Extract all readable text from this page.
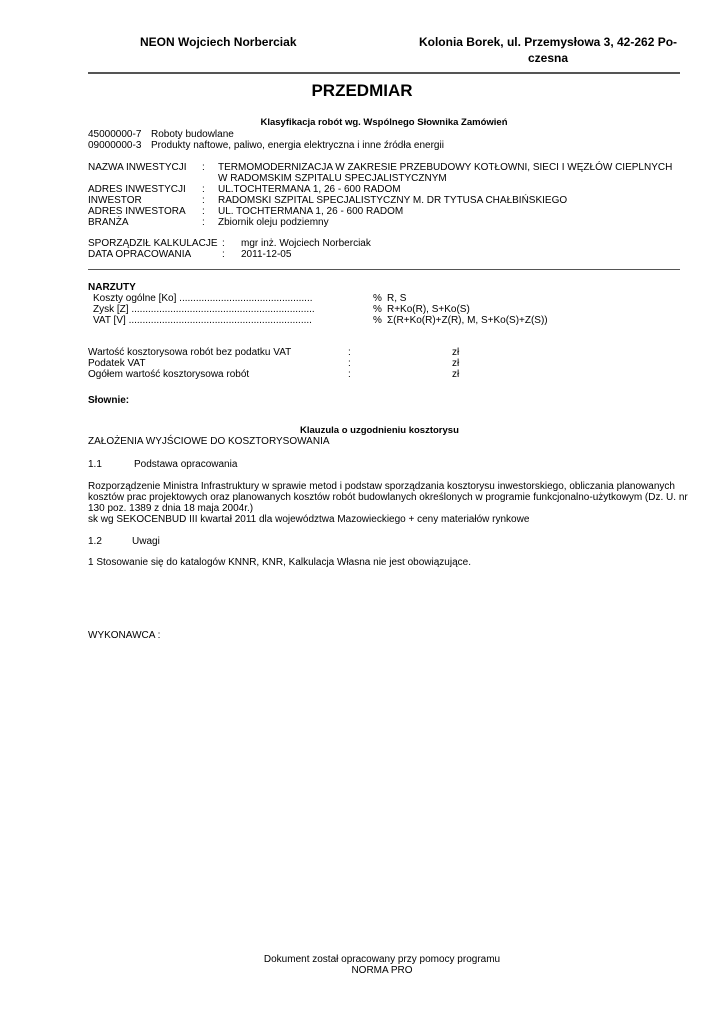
NEON Wojciech Norberciak	Kolonia Borek, ul. Przemysłowa 3, 42-262 Po-
czesna
PRZEDMIAR
Klasyfikacja robót wg. Wspólnego Słownika Zamówień
45000000-7 Roboty budowlane
09000000-3 Produkty naftowe, paliwo, energia elektryczna i inne źródła energii
NAZWA INWESTYCJI : TERMOMODERNIZACJA W ZAKRESIE PRZEBUDOWY KOTŁOWNI, SIECI I WĘZŁÓW CIEPLNYCH
W RADOMSKIM SZPITALU SPECJALISTYCZNYM
ADRES INWESTYCJI : UL.TOCHTERMANA 1, 26 - 600 RADOM
INWESTOR	: RADOMSKI SZPITAL SPECJALISTYCZNY M. DR TYTUSA CHAŁBIŃSKIEGO
ADRES INWESTORA : UL. TOCHTERMANA 1, 26 - 600 RADOM
BRANŻA	: Zbiornik oleju podziemny
SPORZĄDZIŁ KALKULACJE : mgr inż. Wojciech Norberciak
DATA OPRACOWANIA	: 2011-12-05
NARZUTY
Koszty ogólne [Ko] ................................................	% R, S
Zysk [Z] ..................................................................	% R+Ko(R), S+Ko(S)
VAT [V] ..................................................................	% Σ(R+Ko(R)+Z(R), M, S+Ko(S)+Z(S))
Wartość kosztorysowa robót bez podatku VAT	:	zł
Podatek VAT	:	zł
Ogółem wartość kosztorysowa robót	:	zł
Słownie:
Klauzula o uzgodnieniu kosztorysu
ZAŁOŻENIA WYJŚCIOWE DO KOSZTORYSOWANIA
1.1	Podstawa opracowania
Rozporządzenie Ministra Infrastruktury w sprawie metod i podstaw sporządzania kosztorysu inwestorskiego, obliczania planowanych
kosztów prac projektowych oraz planowanych kosztów robót budowlanych określonych w programie funkcjonalno-użytkowym (Dz. U. nr
130 poz. 1389 z dnia 18 maja 2004r.)
sk wg SEKOCENBUD III kwartał 2011 dla województwa Mazowieckiego + ceny materiałów rynkowe
1.2	Uwagi
1 Stosowanie się do katalogów KNNR, KNR, Kalkulacja Własna nie jest obowiązujące.
WYKONAWCA :
Dokument został opracowany przy pomocy programu
NORMA PRO
